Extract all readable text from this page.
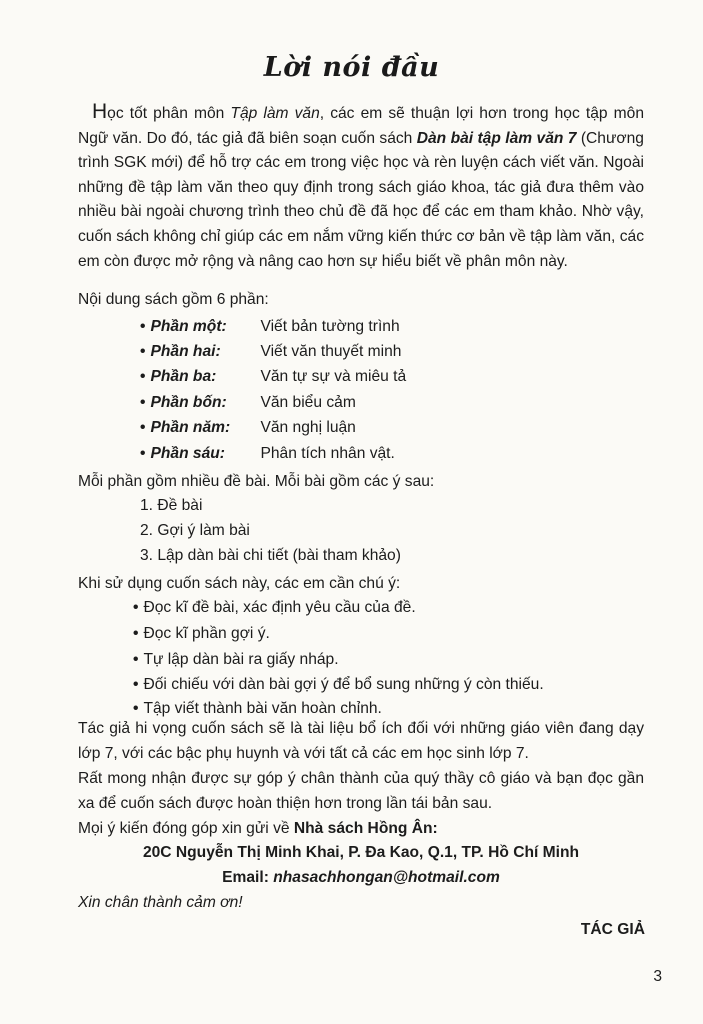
Lời nói đầu
Học tốt phân môn Tập làm văn, các em sẽ thuận lợi hơn trong học tập môn Ngữ văn. Do đó, tác giả đã biên soạn cuốn sách Dàn bài tập làm văn 7 (Chương trình SGK mới) để hỗ trợ các em trong việc học và rèn luyện cách viết văn. Ngoài những đề tập làm văn theo quy định trong sách giáo khoa, tác giả đưa thêm vào nhiều bài ngoài chương trình theo chủ đề đã học để các em tham khảo. Nhờ vậy, cuốn sách không chỉ giúp các em nắm vững kiến thức cơ bản về tập làm văn, các em còn được mở rộng và nâng cao hơn sự hiểu biết về phân môn này.
Nội dung sách gồm 6 phần:
• Phần một: Viết bản tường trình
• Phần hai:	Viết văn thuyết minh
• Phần ba:	Văn tự sự và miêu tả
• Phần bốn: Văn biểu cảm
• Phần năm: Văn nghị luận
• Phần sáu: Phân tích nhân vật.
Mỗi phần gồm nhiều đề bài. Mỗi bài gồm các ý sau:
1. Đề bài
2. Gợi ý làm bài
3. Lập dàn bài chi tiết (bài tham khảo)
Khi sử dụng cuốn sách này, các em cần chú ý:
• Đọc kĩ đề bài, xác định yêu cầu của đề.
• Đọc kĩ phần gợi ý.
• Tự lập dàn bài ra giấy nháp.
• Đối chiếu với dàn bài gợi ý để bổ sung những ý còn thiếu.
• Tập viết thành bài văn hoàn chỉnh.
Tác giả hi vọng cuốn sách sẽ là tài liệu bổ ích đối với những giáo viên đang dạy lớp 7, với các bậc phụ huynh và với tất cả các em học sinh lớp 7.
Rất mong nhận được sự góp ý chân thành của quý thầy cô giáo và bạn đọc gần xa để cuốn sách được hoàn thiện hơn trong lần tái bản sau.
Mọi ý kiến đóng góp xin gửi về Nhà sách Hồng Ân:
20C Nguyễn Thị Minh Khai, P. Đa Kao, Q.1, TP. Hồ Chí Minh
Email: nhasachhongan@hotmail.com
Xin chân thành cảm ơn!
TÁC GIẢ
3
